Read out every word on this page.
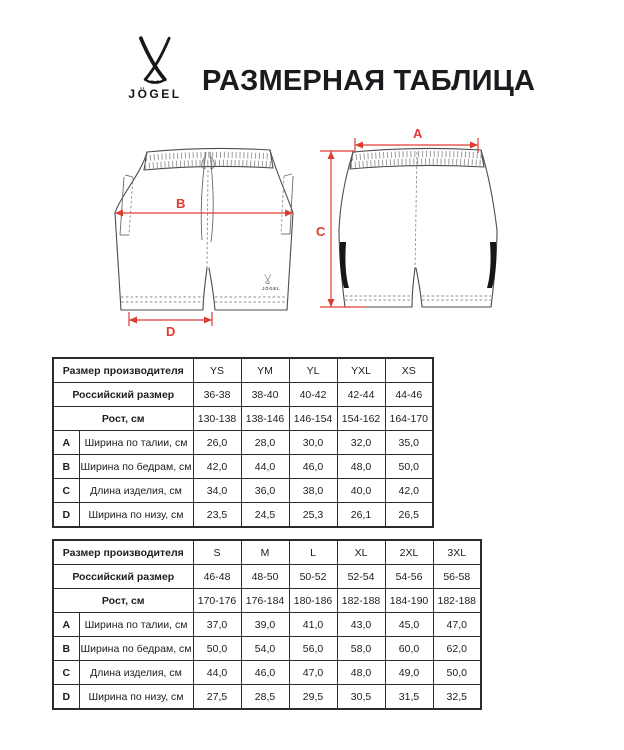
JÖGEL РАЗМЕРНАЯ ТАБЛИЦА
JÖGEL
B
D
A
C
Размер производителя		YS	YM	YL	YXL	XS
Российский размер		36-38	38-40	40-42	42-44	44-46
Рост, см		130-138	138-146	146-154	154-162	164-170
A	Ширина по талии, см	26,0	28,0	30,0	32,0	35,0
B	Ширина по бедрам, см	42,0	44,0	46,0	48,0	50,0
C	Длина изделия, см	34,0	36,0	38,0	40,0	42,0
D	Ширина по низу, см	23,5	24,5	25,3	26,1	26,5
Размер производителя		S	M	L	XL	2XL	3XL
Российский размер		46-48	48-50	50-52	52-54	54-56	56-58
Рост, см		170-176	176-184	180-186	182-188	184-190	182-188
A	Ширина по талии, см	37,0	39,0	41,0	43,0	45,0	47,0
B	Ширина по бедрам, см	50,0	54,0	56,0	58,0	60,0	62,0
C	Длина изделия, см	44,0	46,0	47,0	48,0	49,0	50,0
D	Ширина по низу, см	27,5	28,5	29,5	30,5	31,5	32,5
